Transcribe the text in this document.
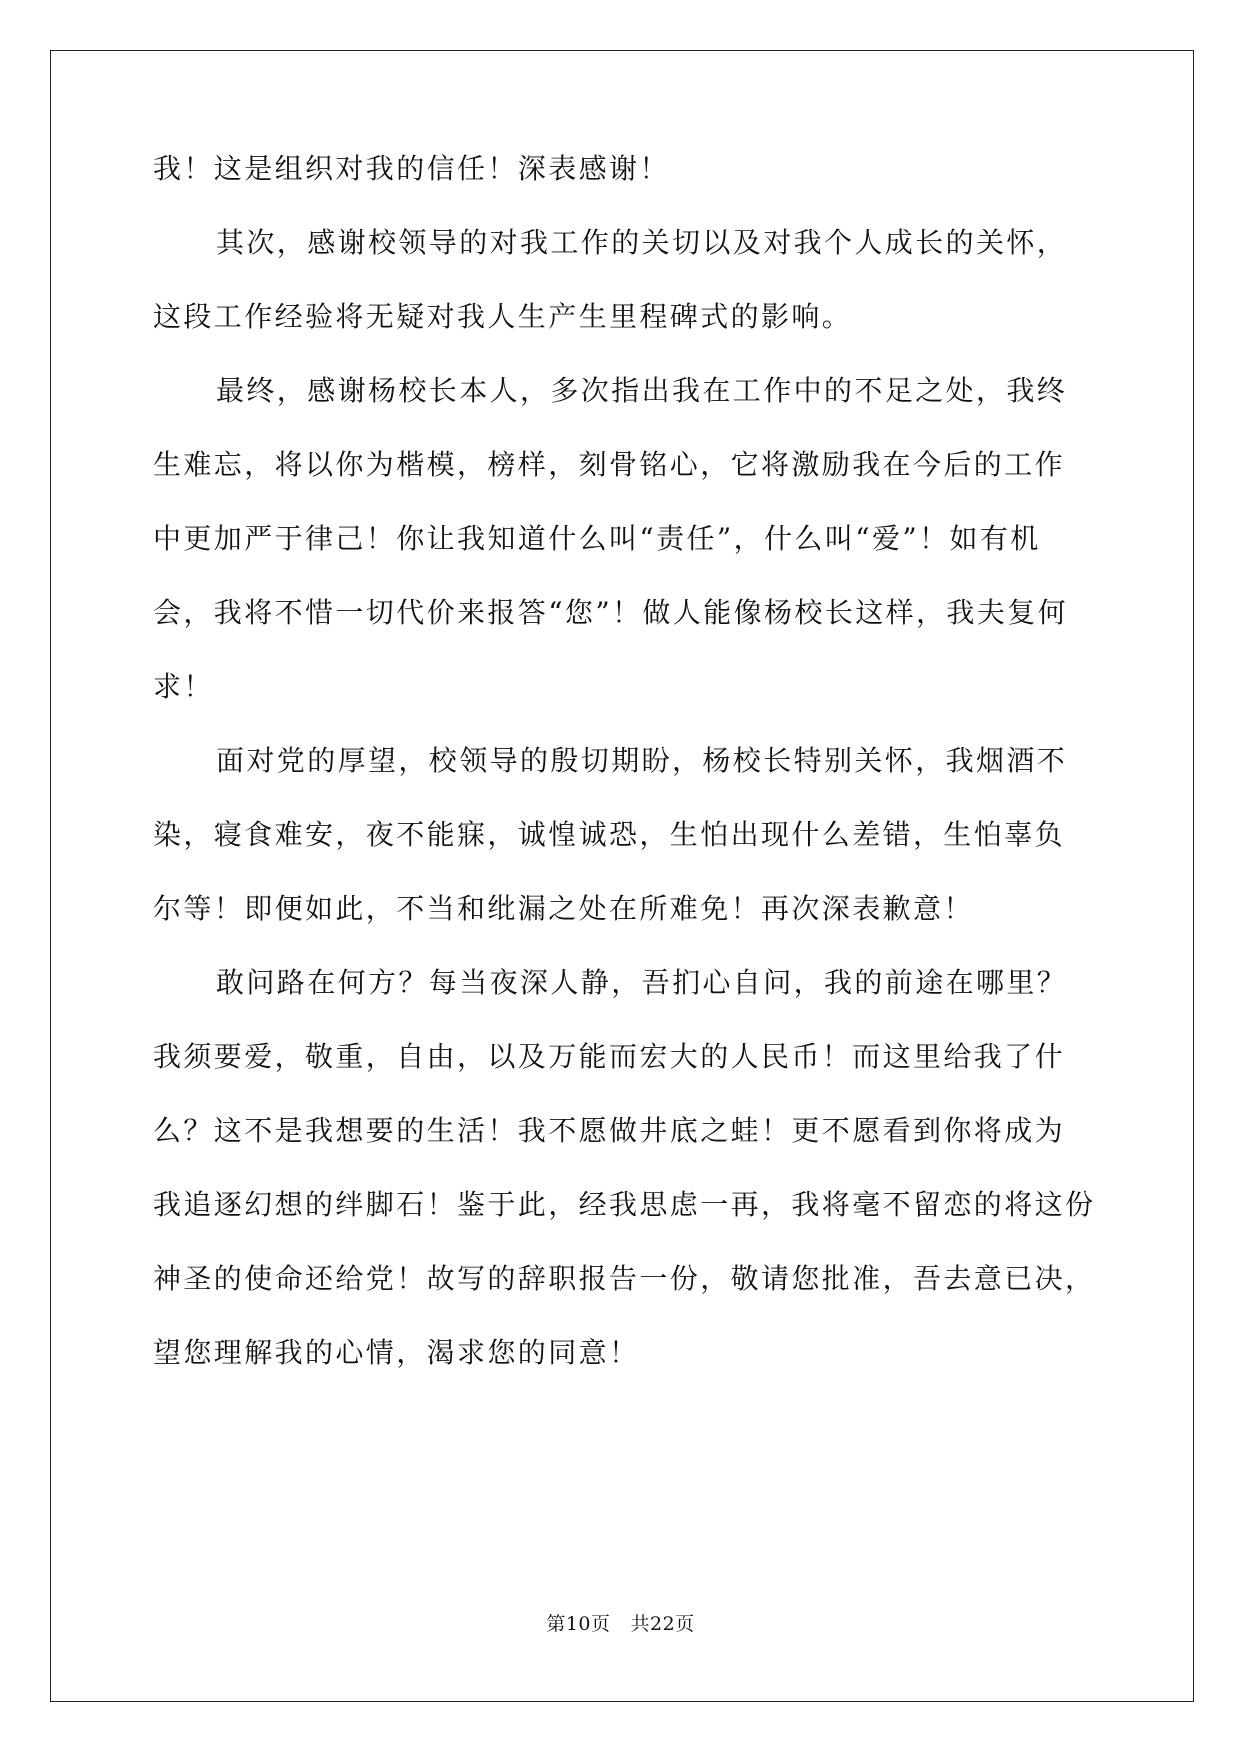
我！这是组织对我的信任！深表感谢！
其次，感谢校领导的对我工作的关切以及对我个人成长的关怀，
这段工作经验将无疑对我人生产生里程碑式的影响。
最终，感谢杨校长本人，多次指出我在工作中的不足之处，我终
生难忘，将以你为楷模，榜样，刻骨铭心，它将激励我在今后的工作
中更加严于律己！你让我知道什么叫“责任”，什么叫“爱”！如有机
会，我将不惜一切代价来报答“您”！做人能像杨校长这样，我夫复何
求！
面对党的厚望，校领导的殷切期盼，杨校长特别关怀，我烟酒不
染，寝食难安，夜不能寐，诚惶诚恐，生怕出现什么差错，生怕辜负
尔等！即便如此，不当和纰漏之处在所难免！再次深表歉意！
敢问路在何方？每当夜深人静，吾扪心自问，我的前途在哪里？
我须要爱，敬重，自由，以及万能而宏大的人民币！而这里给我了什
么？这不是我想要的生活！我不愿做井底之蛙！更不愿看到你将成为
我追逐幻想的绊脚石！鉴于此，经我思虑一再，我将毫不留恋的将这份
神圣的使命还给党！故写的辞职报告一份，敬请您批准，吾去意已决，
望您理解我的心情，渴求您的同意！
第10页 共22页
